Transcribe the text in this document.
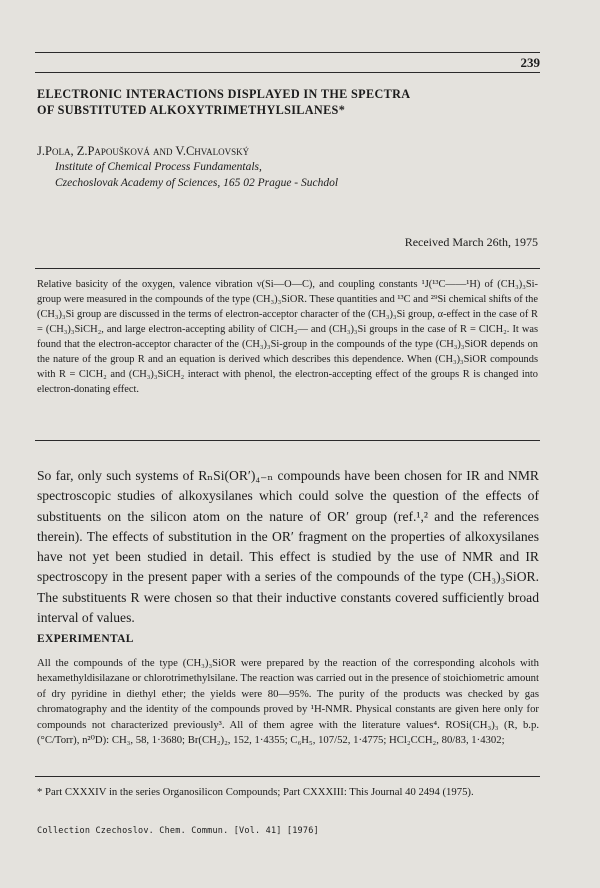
239
ELECTRONIC INTERACTIONS DISPLAYED IN THE SPECTRA
OF SUBSTITUTED ALKOXYTRIMETHYLSILANES*
J.Pola, Z.Papoušková and V.Chvalovský
Institute of Chemical Process Fundamentals,
Czechoslovak Academy of Sciences, 165 02 Prague - Suchdol
Received March 26th, 1975

Relative basicity of the oxygen, valence vibration ν(Si—O—C), and coupling constants ¹J(¹³C——¹H) of (CH₃)₃Si-group were measured in the compounds of the type (CH₃)₃SiOR. These quantities and ¹³C and ²⁹Si chemical shifts of the (CH₃)₃Si group are discussed in the terms of electron-acceptor character of the (CH₃)₃Si group, α-effect in the case of R = (CH₃)₃SiCH₂, and large electron-accepting ability of ClCH₂— and (CH₃)₃Si groups in the case of R = ClCH₂. It was found that the electron-acceptor character of the (CH₃)₃Si-group in the compounds of the type (CH₃)₃SiOR depends on the nature of the group R and an equation is derived which describes this dependence. When (CH₃)₃SiOR compounds with R = ClCH₂ and (CH₃)₃SiCH₂ interact with phenol, the electron-accepting effect of the groups R is changed into electron-donating effect.

So far, only such systems of RₙSi(OR′)₄₋ₙ compounds have been chosen for IR and NMR spectroscopic studies of alkoxysilanes which could solve the question of the effects of substituents on the silicon atom on the nature of OR′ group (ref.¹,² and the references therein). The effects of substitution in the OR′ fragment on the properties of alkoxysilanes have not yet been studied in detail. This effect is studied by the use of NMR and IR spectroscopy in the present paper with a series of the compounds of the type (CH₃)₃SiOR. The substituents R were chosen so that their inductive constants covered sufficiently broad interval of values.

EXPERIMENTAL

All the compounds of the type (CH₃)₃SiOR were prepared by the reaction of the corresponding alcohols with hexamethyldisilazane or chlorotrimethylsilane. The reaction was carried out in the presence of stoichiometric amount of dry pyridine in diethyl ether; the yields were 80—95%. The purity of the products was checked by gas chromatography and the identity of the compounds proved by ¹H-NMR. Physical constants are given here only for compounds not characterized previously³. All of them agree with the literature values⁴. ROSi(CH₃)₃ (R, b.p. (°C/Torr), n²⁰D): CH₃, 58, 1·3680; Br(CH₂)₂, 152, 1·4355; C₆H₅, 107/52, 1·4775; HCl₂CCH₂, 80/83, 1·4302;

* Part CXXXIV in the series Organosilicon Compounds; Part CXXXIII: This Journal 40 2494 (1975).

Collection Czechoslov. Chem. Commun. [Vol. 41] [1976]
